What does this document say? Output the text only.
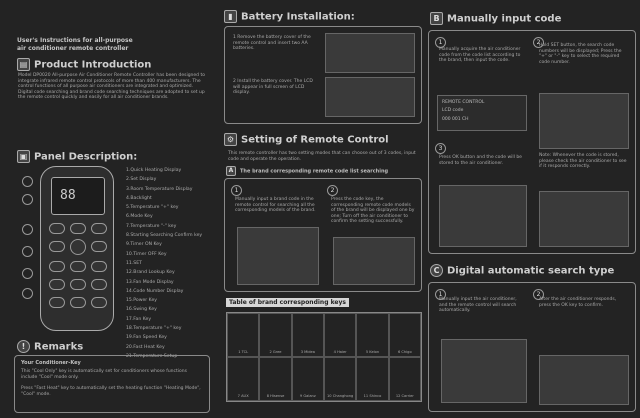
User's Instructions for all-purpose
air conditioner remote controller
▤ Product Introduction
Model DP0020 All-purpose Air Conditioner Remote Controller has been designed to integrate infrared remote control protocols of more than 400 manufacturers. The control functions of all purpose air conditioners are integrated and optimized. Digital code searching and brand code searching techniques are adopted to set up the remote control quickly and easily for all air conditioner brands.
▣ Panel Description:
88
1.Quick Heating Display
2.Set Display
3.Room Temperature Display
4.Backlight
5.Temperature "+" key
6.Mode Key
7.Temperature "-" key
8.Starting Searching Confirm key
9.Timer ON Key
10.Timer OFF Key
11.SET
12.Brand Lookup Key
13.Fan Mode Display
14.Code Number Display
15.Power Key
16.Swing Key
17.Fan Key
18.Temperature "+" key
19.Fan Speed Key
20.Fast Heat Key
21.Temperature Setup
! Remarks
Your Conditioner-Key
This "Cool Only" key is automatically set for conditioners whose functions include "Cool" mode only.
Press "Fast Heat" key to automatically set the heating function "Heating Mode", "Cool" mode.
▮ Battery Installation:
1 Remove the battery cover of the remote control and insert two AA batteries.
2 Install the battery cover. The LCD will appear in full screen of LCD display.
⚙ Setting of Remote Control
This remote controller has two setting modes that can choose out of 3 codes, input code and operate the operation.
A The brand corresponding remote code list searching
1
Manually input a brand code in the remote control for searching all the corresponding models of the brand.
2
Press the code key, the corresponding remote code models of the brand will be displayed one by one; Turn off the air conditioner to confirm the setting successfully.
Table of brand corresponding keys
1 TCL	2 Gree	3 Midea	4 Haier	5 Kelon	6 Chigo
7 AUX	8 Hisense	9 Galanz	10 Changhong	11 Shinco	12 Carrier
B Manually input code
1
Manually acquire the air conditioner code from the code list according to the brand, then input the code.
REMOTE CONTROL
LCD code
000 001 CH
2
Hold SET button, the search code numbers will be displayed; Press the "+" or "-" key to select the required code number.
3
Press OK button and the code will be stored to the air conditioner.
Note: Whenever the code is stored, please check the air conditioner to see if it responds correctly.
C Digital automatic search type
1
Manually input the air conditioner, and the remote control will search automatically.
2
After the air conditioner responds, press the OK key to confirm.
